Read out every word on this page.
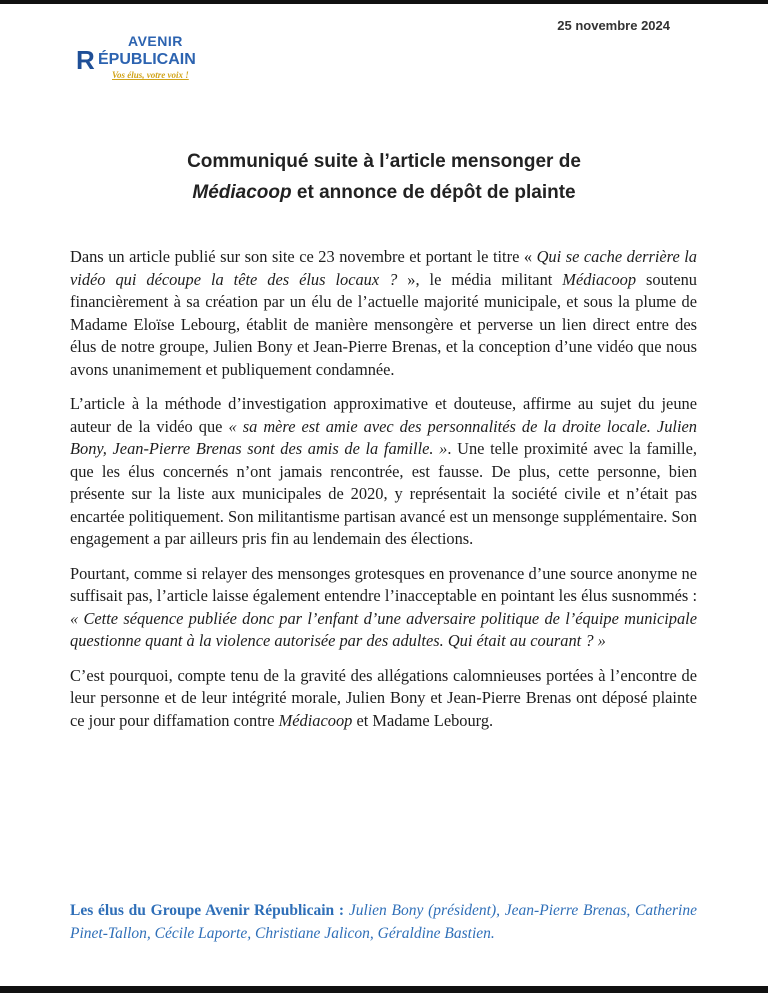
25 novembre 2024
AVENIR
R ÉPUBLICAIN
Vos élus, votre voix !
Communiqué suite à l’article mensonger de
Médiacoop et annonce de dépôt de plainte

Dans un article publié sur son site ce 23 novembre et portant le titre « Qui se cache derrière la vidéo qui découpe la tête des élus locaux ? », le média militant Médiacoop soutenu financièrement à sa création par un élu de l’actuelle majorité municipale, et sous la plume de Madame Eloïse Lebourg, établit de manière mensongère et perverse un lien direct entre des élus de notre groupe, Julien Bony et Jean-Pierre Brenas, et la conception d’une vidéo que nous avons unanimement et publiquement condamnée.

L’article à la méthode d’investigation approximative et douteuse, affirme au sujet du jeune auteur de la vidéo que « sa mère est amie avec des personnalités de la droite locale. Julien Bony, Jean-Pierre Brenas sont des amis de la famille. ». Une telle proximité avec la famille, que les élus concernés n’ont jamais rencontrée, est fausse. De plus, cette personne, bien présente sur la liste aux municipales de 2020, y représentait la société civile et n’était pas encartée politiquement. Son militantisme partisan avancé est un mensonge supplémentaire. Son engagement a par ailleurs pris fin au lendemain des élections.

Pourtant, comme si relayer des mensonges grotesques en provenance d’une source anonyme ne suffisait pas, l’article laisse également entendre l’inacceptable en pointant les élus susnommés : « Cette séquence publiée donc par l’enfant d’une adversaire politique de l’équipe municipale questionne quant à la violence autorisée par des adultes. Qui était au courant ? »

C’est pourquoi, compte tenu de la gravité des allégations calomnieuses portées à l’encontre de leur personne et de leur intégrité morale, Julien Bony et Jean-Pierre Brenas ont déposé plainte ce jour pour diffamation contre Médiacoop et Madame Lebourg.

Les élus du Groupe Avenir Républicain : Julien Bony (président), Jean-Pierre Brenas, Catherine Pinet-Tallon, Cécile Laporte, Christiane Jalicon, Géraldine Bastien.
